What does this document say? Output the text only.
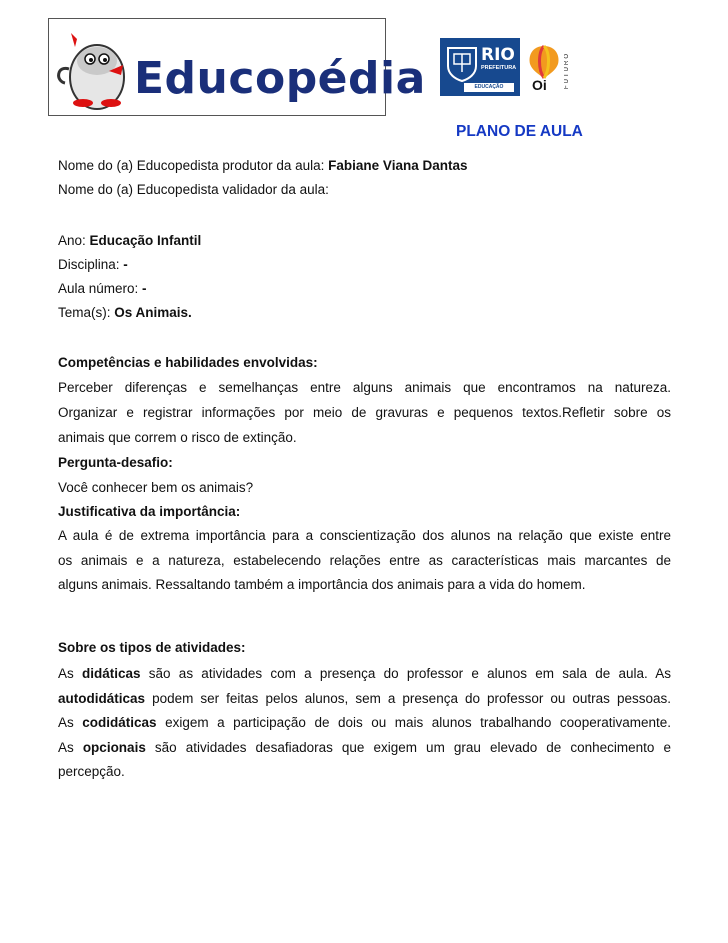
Educopédia	RIO
PREFEITURA
EDUCAÇÃO	Oi	FUTURO
PLANO DE AULA
Nome do (a) Educopedista produtor da aula: Fabiane Viana Dantas
Nome do (a) Educopedista validador da aula:
Ano: Educação Infantil
Disciplina: -
Aula número: -
Tema(s): Os Animais.
Competências e habilidades envolvidas:
Perceber diferenças e semelhanças entre alguns animais que encontramos na natureza.
Organizar e registrar informações por meio de gravuras e pequenos textos.Refletir sobre os
animais que correm o risco de extinção.
Pergunta-desafio:
Você conhecer bem os animais?
Justificativa da importância:
A aula é de extrema importância para a conscientização dos alunos na relação que existe entre
os animais e a natureza, estabelecendo relações entre as características mais marcantes de
alguns animais. Ressaltando também a importância dos animais para a vida do homem.
Sobre os tipos de atividades:
As didáticas são as atividades com a presença do professor e alunos em sala de aula. As
autodidáticas podem ser feitas pelos alunos, sem a presença do professor ou outras pessoas.
As codidáticas exigem a participação de dois ou mais alunos trabalhando cooperativamente.
As opcionais são atividades desafiadoras que exigem um grau elevado de conhecimento e
percepção.
